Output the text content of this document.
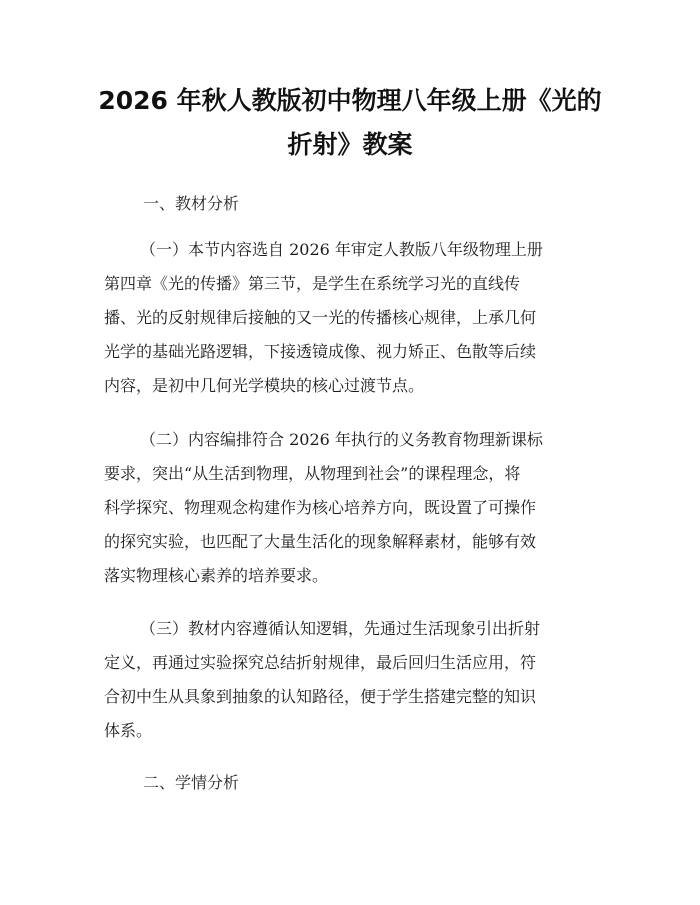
2026 年秋人教版初中物理八年级上册《光的
折射》教案
一、教材分析
（一）本节内容选自 2026 年审定人教版八年级物理上册
第四章《光的传播》第三节，是学生在系统学习光的直线传
播、光的反射规律后接触的又一光的传播核心规律，上承几何
光学的基础光路逻辑，下接透镜成像、视力矫正、色散等后续
内容，是初中几何光学模块的核心过渡节点。
（二）内容编排符合 2026 年执行的义务教育物理新课标
要求，突出“从生活到物理，从物理到社会”的课程理念，将
科学探究、物理观念构建作为核心培养方向，既设置了可操作
的探究实验，也匹配了大量生活化的现象解释素材，能够有效
落实物理核心素养的培养要求。
（三）教材内容遵循认知逻辑，先通过生活现象引出折射
定义，再通过实验探究总结折射规律，最后回归生活应用，符
合初中生从具象到抽象的认知路径，便于学生搭建完整的知识
体系。
二、学情分析
